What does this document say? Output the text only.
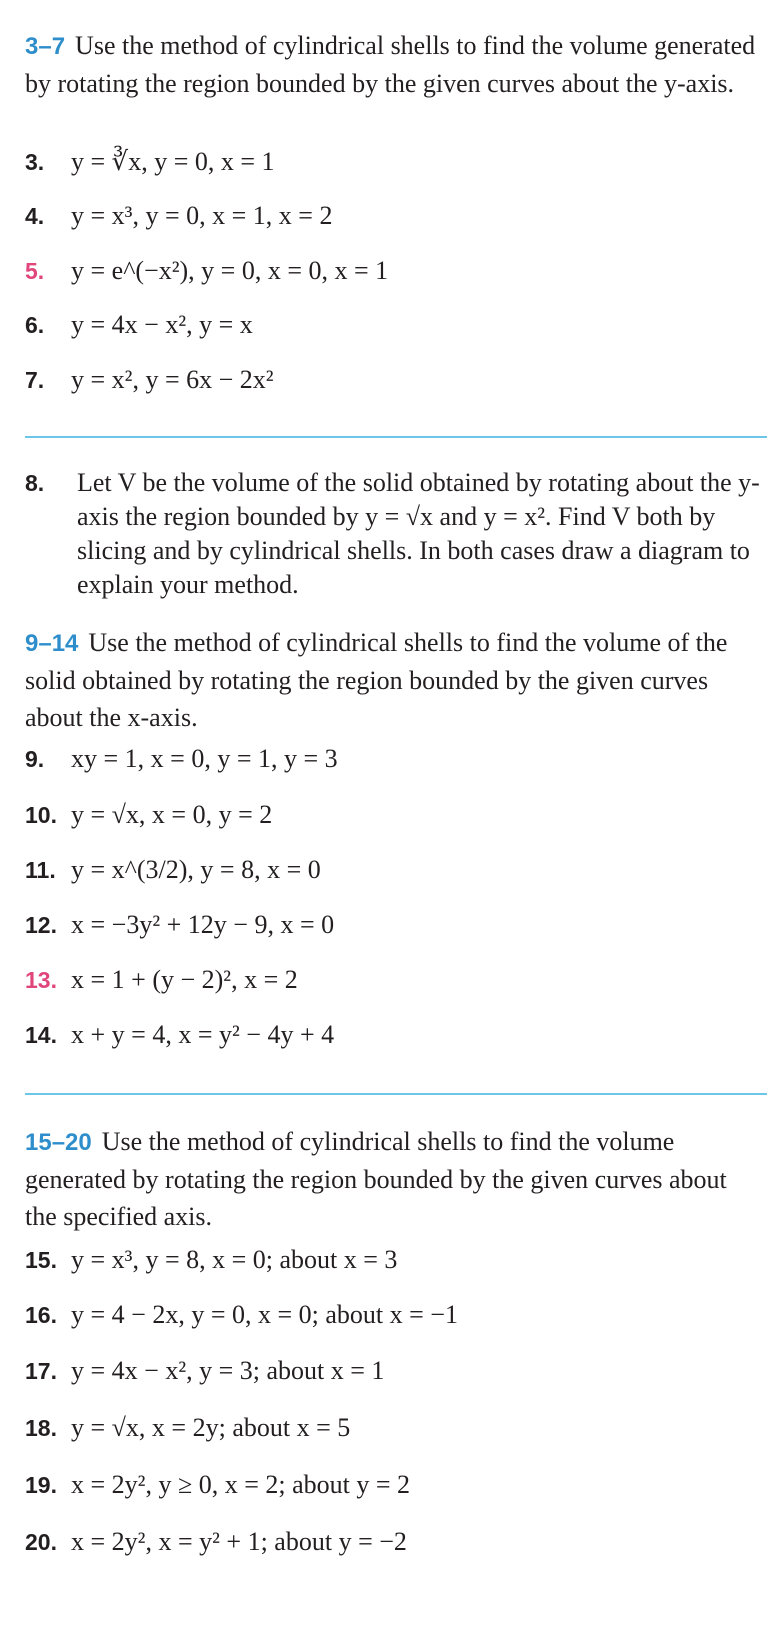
3–7 Use the method of cylindrical shells to find the volume generated by rotating the region bounded by the given curves about the y-axis.
3. y = ∛x, y = 0, x = 1
4. y = x³, y = 0, x = 1, x = 2
5. y = e^(−x²), y = 0, x = 0, x = 1
6. y = 4x − x², y = x
7. y = x², y = 6x − 2x²
8.	Let V be the volume of the solid obtained by rotating about the y-axis the region bounded by y = √x and y = x². Find V both by slicing and by cylindrical shells. In both cases draw a diagram to explain your method.
9–14 Use the method of cylindrical shells to find the volume of the solid obtained by rotating the region bounded by the given curves about the x-axis.
9. xy = 1, x = 0, y = 1, y = 3
10. y = √x, x = 0, y = 2
11. y = x^(3/2), y = 8, x = 0
12. x = −3y² + 12y − 9, x = 0
13. x = 1 + (y − 2)², x = 2
14. x + y = 4, x = y² − 4y + 4
15–20 Use the method of cylindrical shells to find the volume generated by rotating the region bounded by the given curves about the specified axis.
15. y = x³, y = 8, x = 0; about x = 3
16. y = 4 − 2x, y = 0, x = 0; about x = −1
17. y = 4x − x², y = 3; about x = 1
18. y = √x, x = 2y; about x = 5
19. x = 2y², y ≥ 0, x = 2; about y = 2
20. x = 2y², x = y² + 1; about y = −2
